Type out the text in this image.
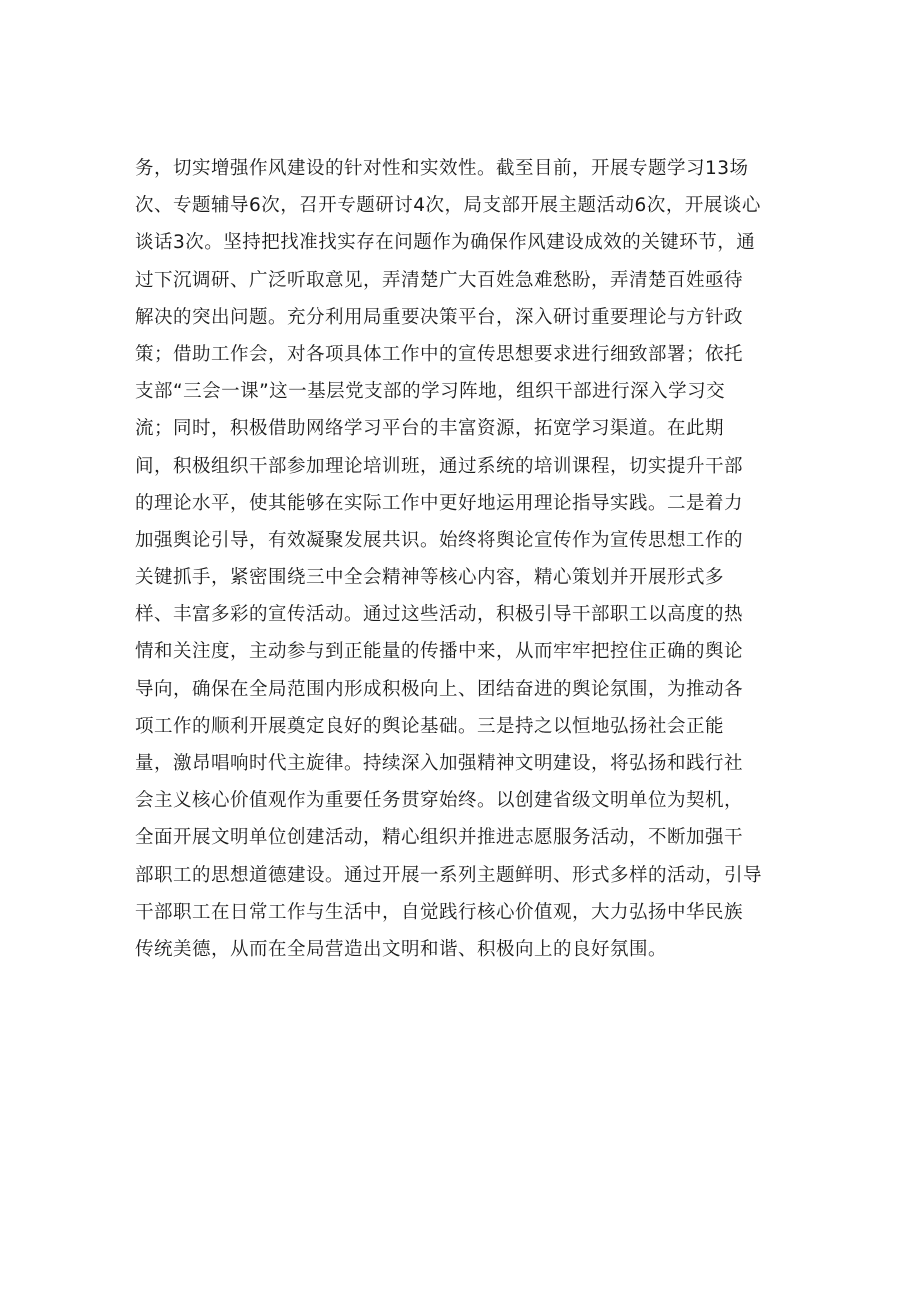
务，切实增强作风建设的针对性和实效性。截至目前，开展专题学习13场
次、专题辅导6次，召开专题研讨4次，局支部开展主题活动6次，开展谈心
谈话3次。坚持把找准找实存在问题作为确保作风建设成效的关键环节，通
过下沉调研、广泛听取意见，弄清楚广大百姓急难愁盼，弄清楚百姓亟待
解决的突出问题。充分利用局重要决策平台，深入研讨重要理论与方针政
策；借助工作会，对各项具体工作中的宣传思想要求进行细致部署；依托
支部“三会一课”这一基层党支部的学习阵地，组织干部进行深入学习交
流；同时，积极借助网络学习平台的丰富资源，拓宽学习渠道。在此期
间，积极组织干部参加理论培训班，通过系统的培训课程，切实提升干部
的理论水平，使其能够在实际工作中更好地运用理论指导实践。二是着力
加强舆论引导，有效凝聚发展共识。始终将舆论宣传作为宣传思想工作的
关键抓手，紧密围绕三中全会精神等核心内容，精心策划并开展形式多
样、丰富多彩的宣传活动。通过这些活动，积极引导干部职工以高度的热
情和关注度，主动参与到正能量的传播中来，从而牢牢把控住正确的舆论
导向，确保在全局范围内形成积极向上、团结奋进的舆论氛围，为推动各
项工作的顺利开展奠定良好的舆论基础。三是持之以恒地弘扬社会正能
量，激昂唱响时代主旋律。持续深入加强精神文明建设，将弘扬和践行社
会主义核心价值观作为重要任务贯穿始终。以创建省级文明单位为契机，
全面开展文明单位创建活动，精心组织并推进志愿服务活动，不断加强干
部职工的思想道德建设。通过开展一系列主题鲜明、形式多样的活动，引导
干部职工在日常工作与生活中，自觉践行核心价值观，大力弘扬中华民族
传统美德，从而在全局营造出文明和谐、积极向上的良好氛围。
